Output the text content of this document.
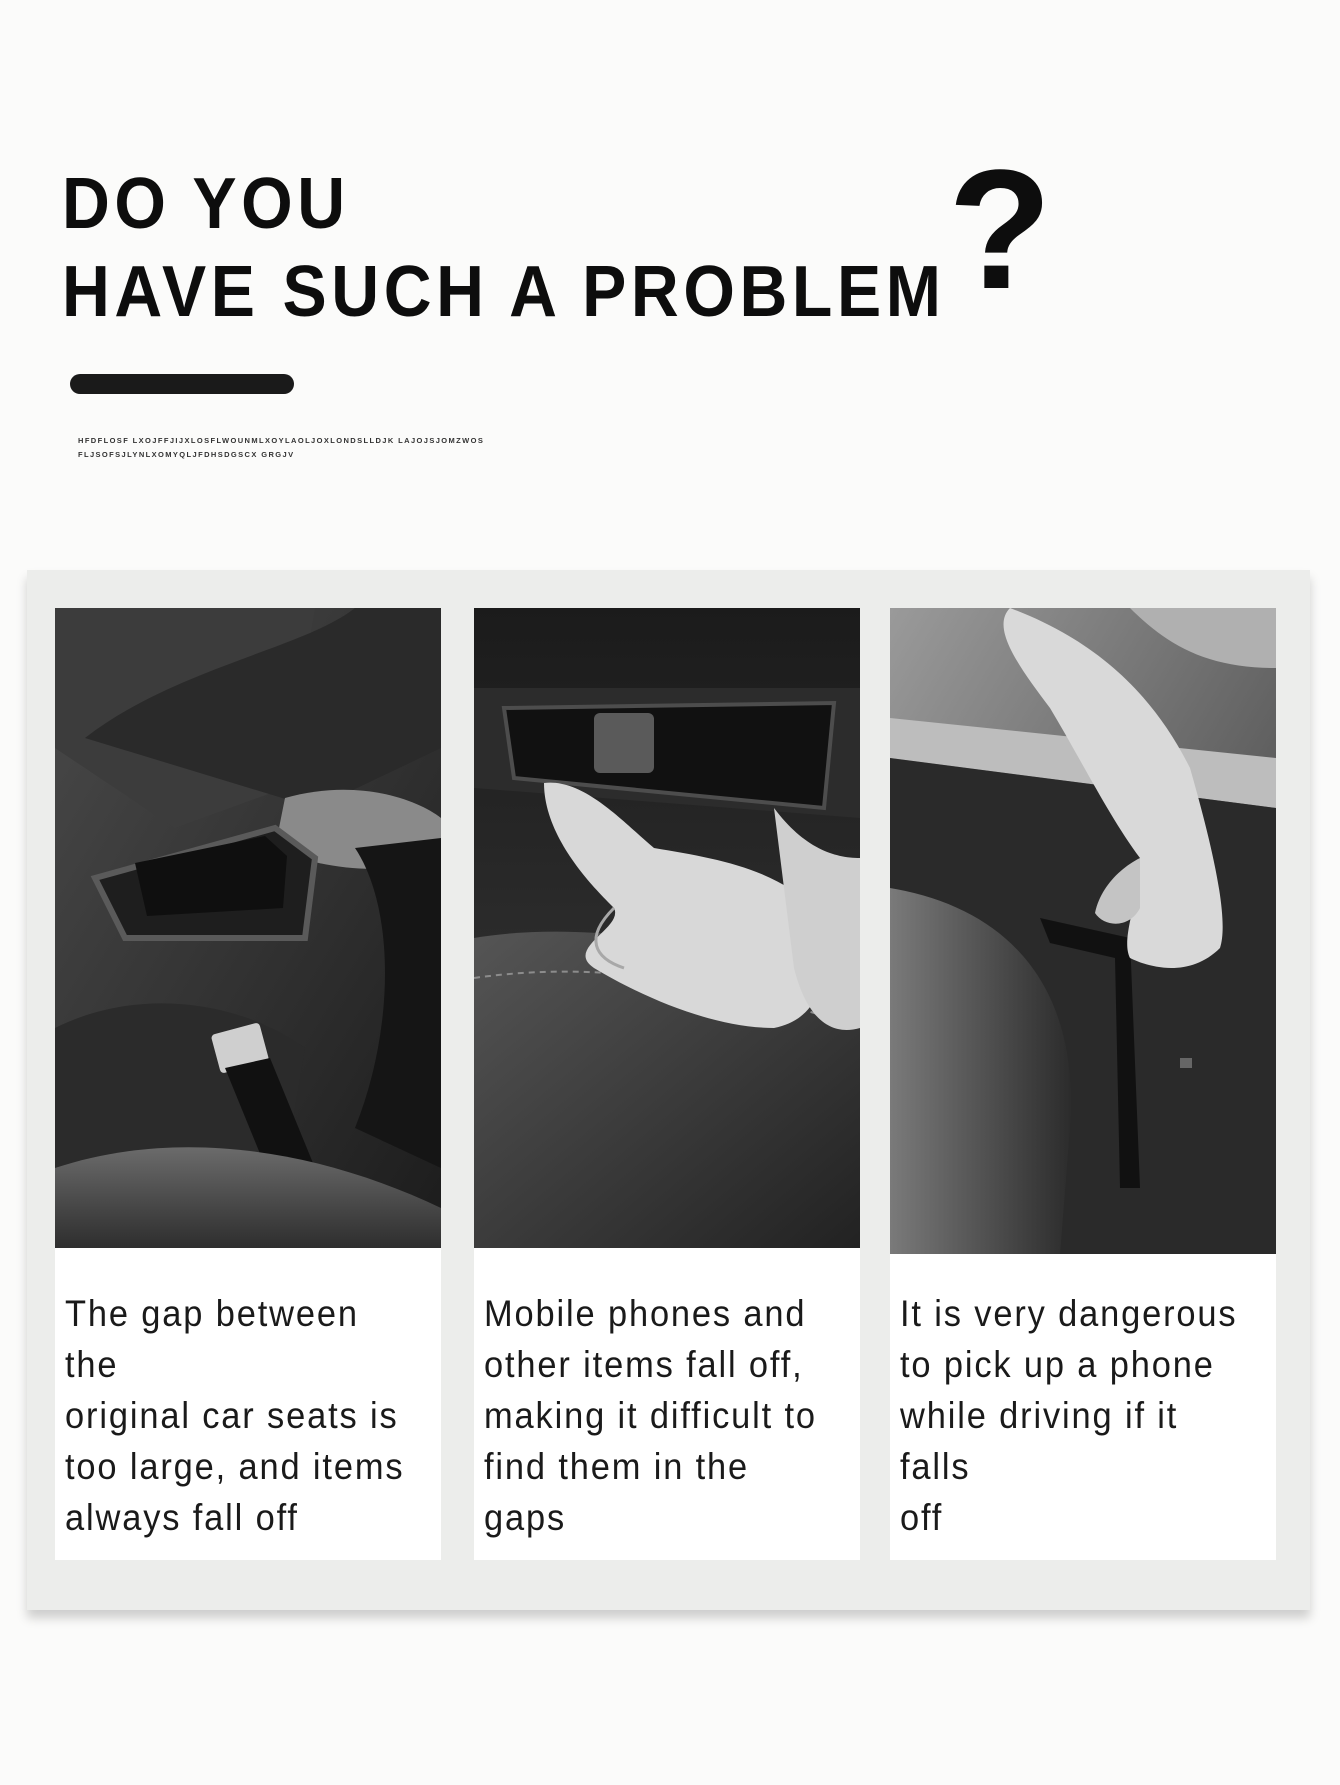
DO YOU
HAVE SUCH A PROBLEM ?
HFDFLOSF LXOJFFJIJXLOSFLWOUNMLXOYLAOLJOXLONDSLLDJK LAJOJSJOMZWOS FLJSOFSJLYNLXOMYQLJFDHSDGSCX GRGJV
The gap between the
original car seats is
too large, and items
always fall off
Mobile phones and
other items fall off,
making it difficult to
find them in the gaps
It is very dangerous
to pick up a phone
while driving if it falls
off
